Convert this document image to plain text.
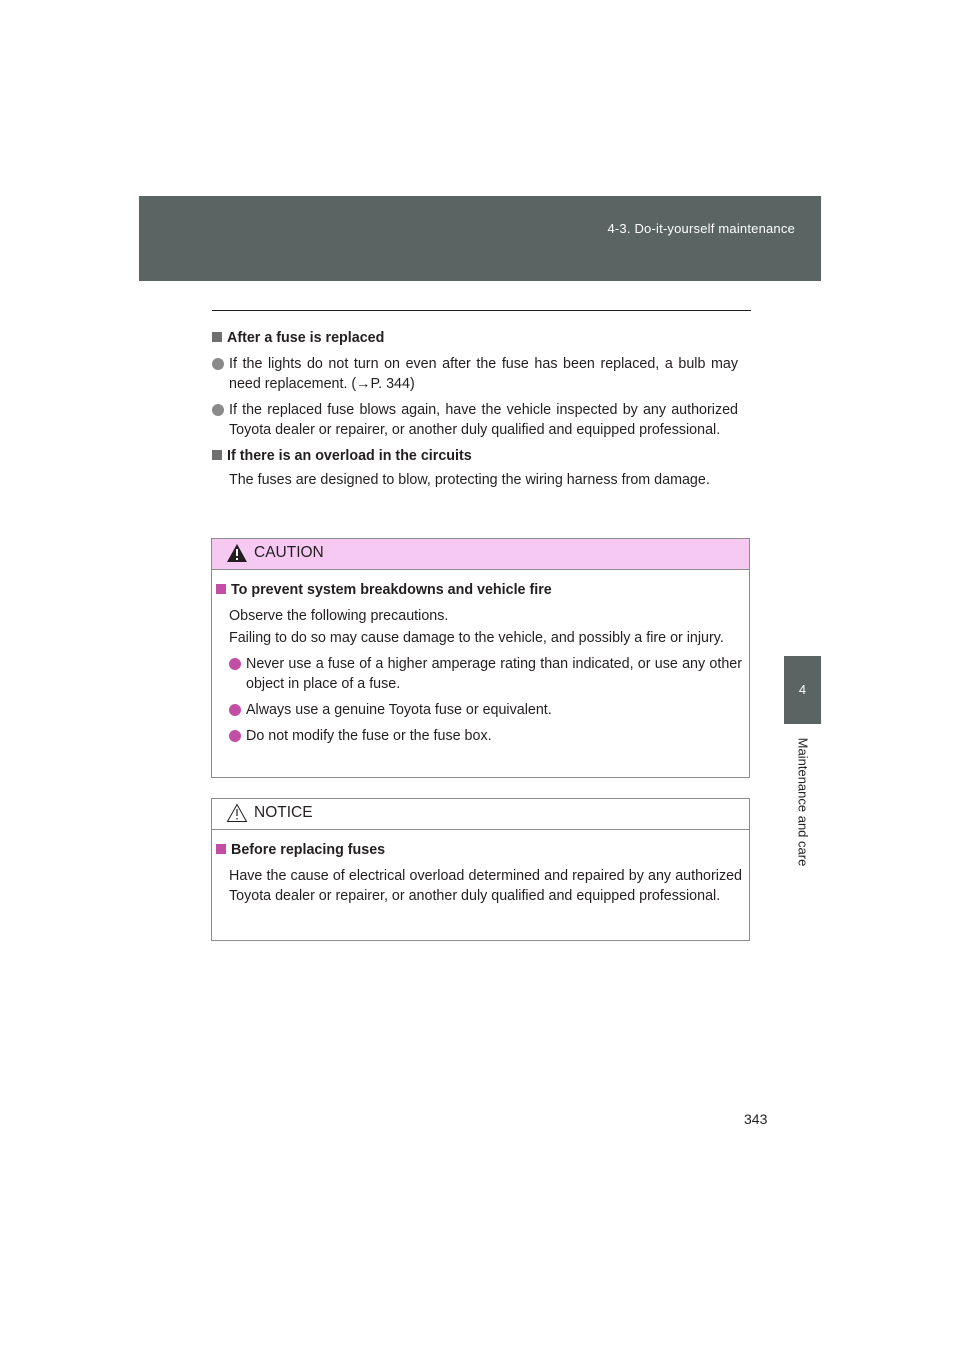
4-3. Do-it-yourself maintenance
4
Maintenance and care
After a fuse is replaced
If the lights do not turn on even after the fuse has been replaced, a bulb may need replacement. (→P. 344)
If the replaced fuse blows again, have the vehicle inspected by any authorized Toyota dealer or repairer, or another duly qualified and equipped professional.
If there is an overload in the circuits
The fuses are designed to blow, protecting the wiring harness from damage.
CAUTION
To prevent system breakdowns and vehicle fire
Observe the following precautions.
Failing to do so may cause damage to the vehicle, and possibly a fire or injury.
Never use a fuse of a higher amperage rating than indicated, or use any other object in place of a fuse.
Always use a genuine Toyota fuse or equivalent.
Do not modify the fuse or the fuse box.
NOTICE
Before replacing fuses
Have the cause of electrical overload determined and repaired by any authorized Toyota dealer or repairer, or another duly qualified and equipped professional.
343
